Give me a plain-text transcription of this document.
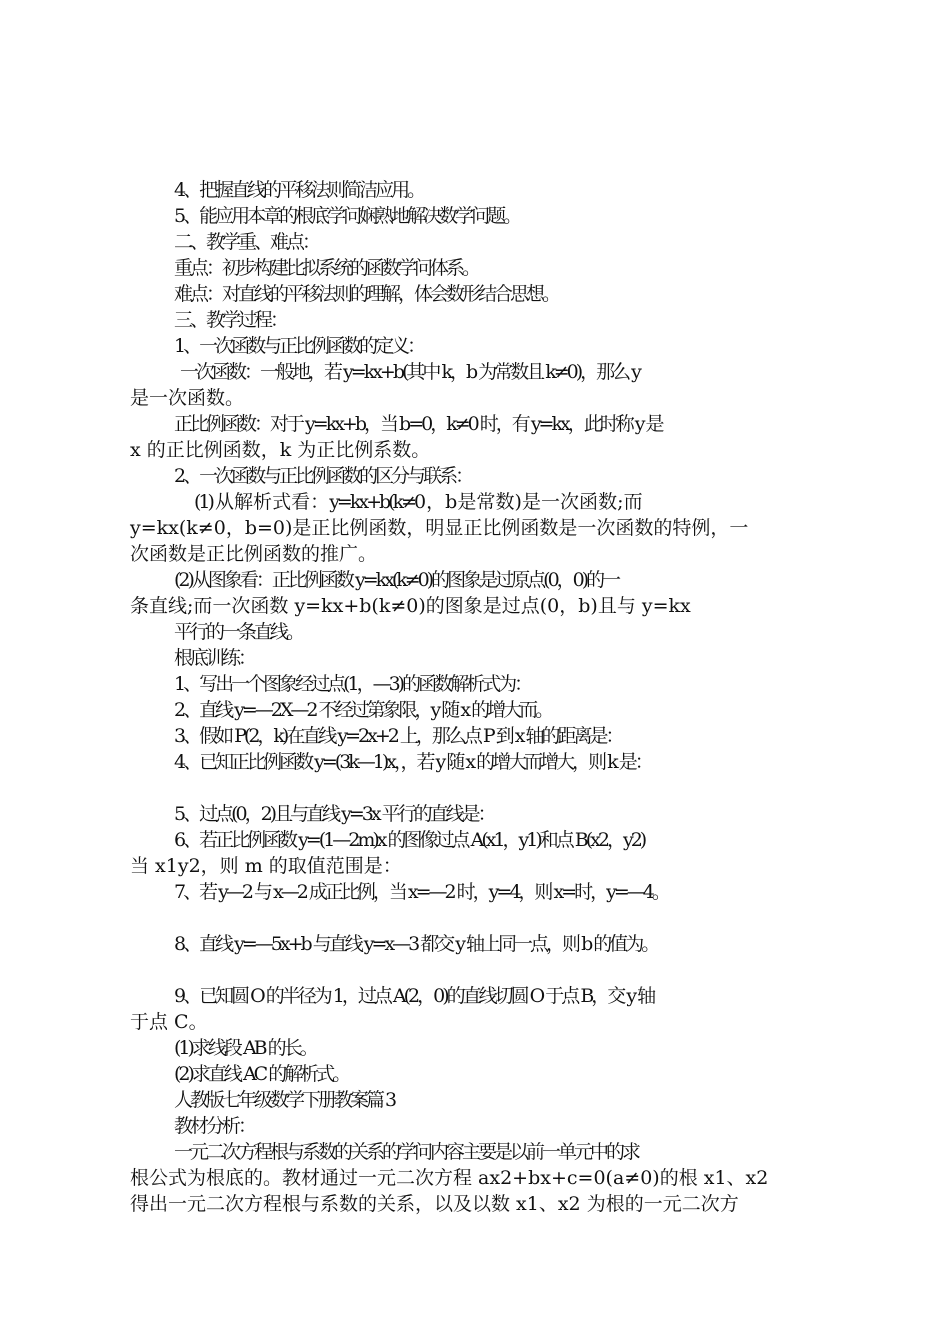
4、把握直线的平移法则简洁应用。
5、能应用本章的根底学问娴熟地解决数学问题。
二、教学重、难点：
重点：初步构建比拟系统的函数学问体系。
难点：对直线的平移法则的理解，体会数形结合思想。
三、教学过程：
1、一次函数与正比例函数的定义：
一次函数：一般地，若 y=kx+b(其中 k，b 为常数且 k≠0)，那么 y
是一次函数。
正比例函数：对于 y=kx+b，当 b=0，k≠0 时，有 y=kx，此时称 y 是
x 的正比例函数，k 为正比例系数。
2、一次函数与正比例函数的区分与联系：
(1) 从 解 析 式 看 ： y=kx+b(k≠0 ， b 是 常 数 ) 是 一 次 函 数 ; 而
y=kx(k≠0，b=0)是正比例函数，明显正比例函数是一次函数的特例，一
次函数是正比例函数的推广。
(2)从图象看：正比例函数 y=kx(k≠0)的图象是过原点(0，0)的一
条直线;而一次函数 y=kx+b(k≠0)的图象是过点(0，b)且与 y=kx
平行的一条直线。
根底训练：
1、写出一个图象经过点(1，—3)的函数解析式为：
2、直线 y=—2X—2 不经过第象限，y 随 x 的增大而。
3、假如 P(2，k)在直线 y=2x+2 上，那么点 P 到 x 轴的距离是：
4、已知正比例函数 y=(3k—1)x，，若 y 随 x 的增大而增大，则 k 是：
5、过点(0，2)且与直线 y=3x 平行的直线是：
6、若正比例函数 y=(1—2m)x 的图像过点 A(x1，y1)和点 B(x2，y2)
当 x1y2，则 m 的取值范围是：
7、若 y—2 与 x—2 成正比例，当 x=—2 时，y=4，则 x=时，y=—4。
8、直线 y=—5x+b 与直线 y=x—3 都交 y 轴上同一点，则 b 的值为。
9、已知圆 O 的半径为 1，过点 A(2，0)的直线切圆 O 于点 B，交 y 轴
于点 C。
(1)求线段 AB 的长。
(2)求直线 AC 的解析式。
人教版七年级数学下册教案篇 3
教材分析：
一元二次方程根与系数的关系的学问内容主要是以前一单元中的求
根公式为根底的。教材通过一元二次方程 ax2+bx+c=0(a≠0)的根 x1、x2
得出一元二次方程根与系数的关系，以及以数 x1、x2 为根的一元二次方
